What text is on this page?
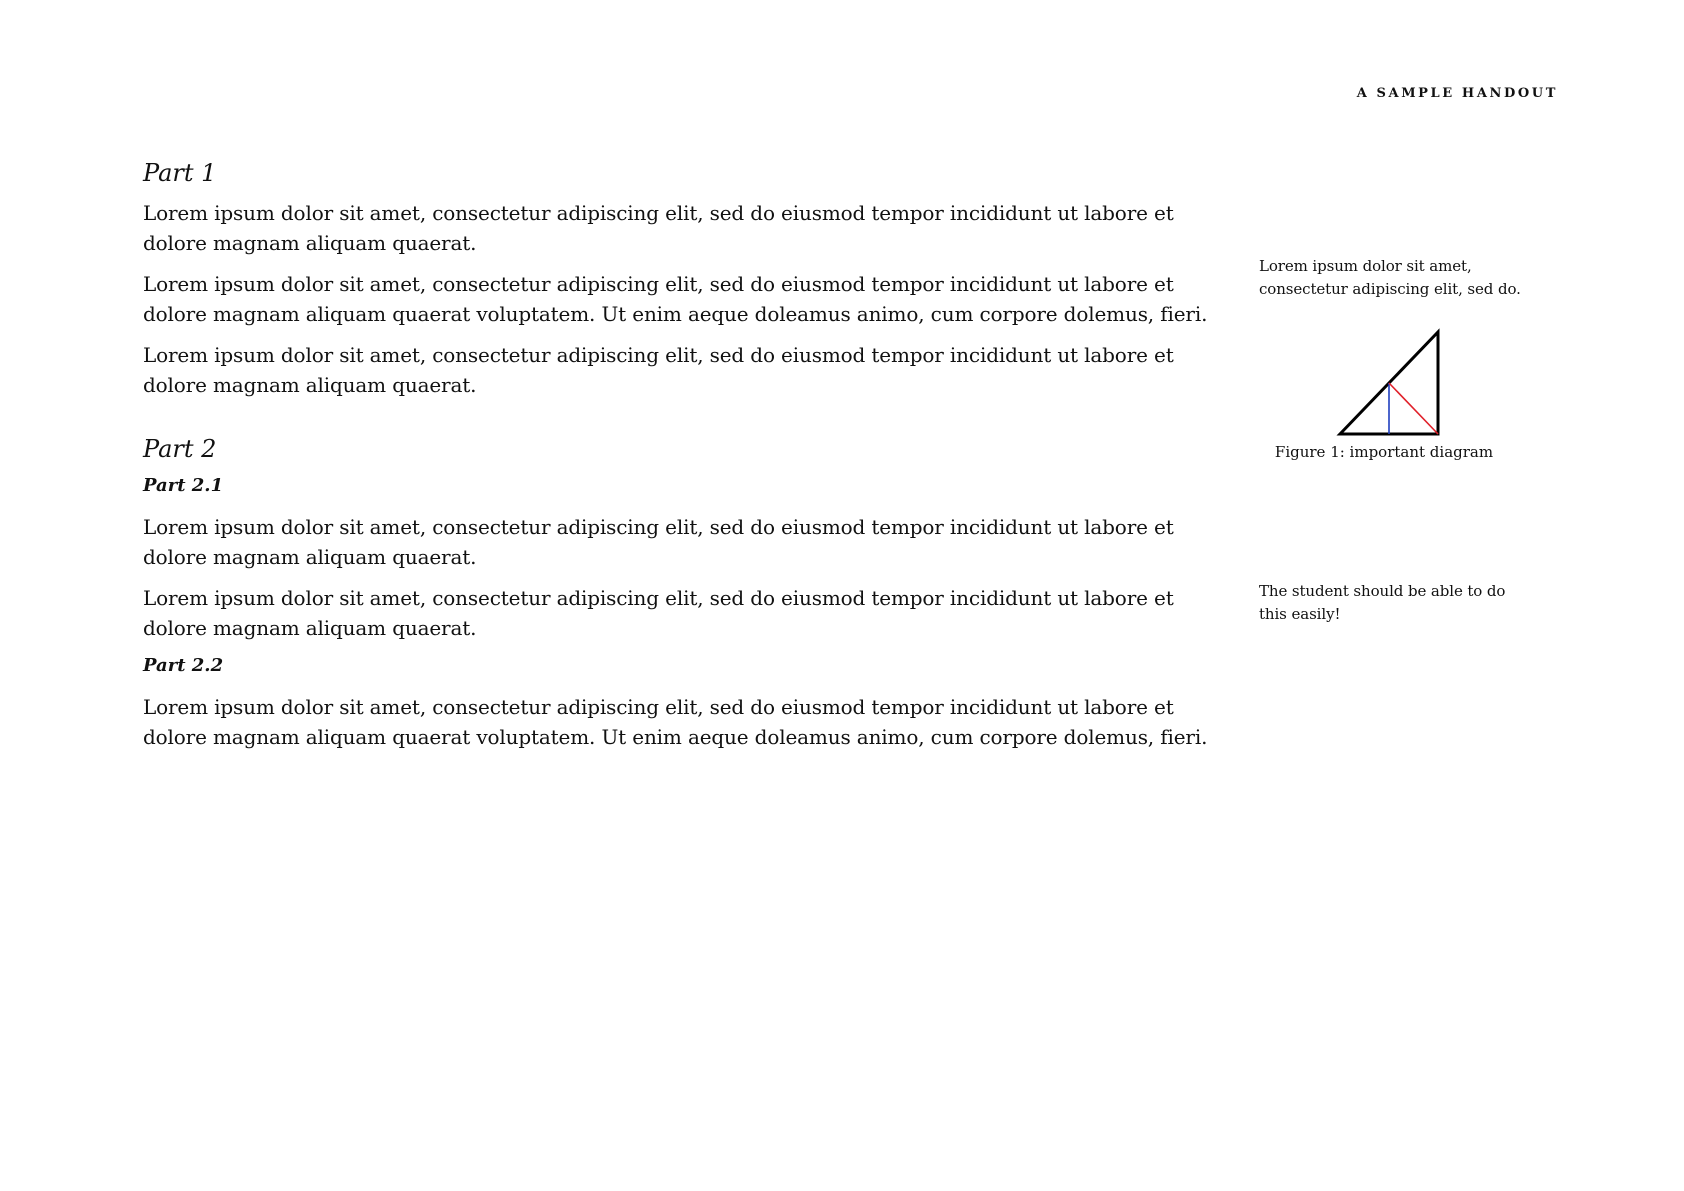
A SAMPLE HANDOUT
Part 1

Lorem ipsum dolor sit amet, consectetur adipiscing elit, sed do eiusmod tempor incididunt ut labore et dolore magnam aliquam quaerat.

Lorem ipsum dolor sit amet, consectetur adipiscing elit, sed do eiusmod tempor incididunt ut labore et dolore magnam aliquam quaerat voluptatem. Ut enim aeque doleamus animo, cum corpore dolemus, fieri.

Lorem ipsum dolor sit amet, consectetur adipiscing elit, sed do eiusmod tempor incididunt ut labore et dolore magnam aliquam quaerat.

Part 2
Part 2.1

Lorem ipsum dolor sit amet, consectetur adipiscing elit, sed do eiusmod tempor incididunt ut labore et dolore magnam aliquam quaerat.

Lorem ipsum dolor sit amet, consectetur adipiscing elit, sed do eiusmod tempor incididunt ut labore et dolore magnam aliquam quaerat.

Part 2.2

Lorem ipsum dolor sit amet, consectetur adipiscing elit, sed do eiusmod tempor incididunt ut labore et dolore magnam aliquam quaerat voluptatem. Ut enim aeque doleamus animo, cum corpore dolemus, fieri.

Lorem ipsum dolor sit amet, consectetur adipiscing elit, sed do.
Figure 1: important diagram
The student should be able to do this easily!
